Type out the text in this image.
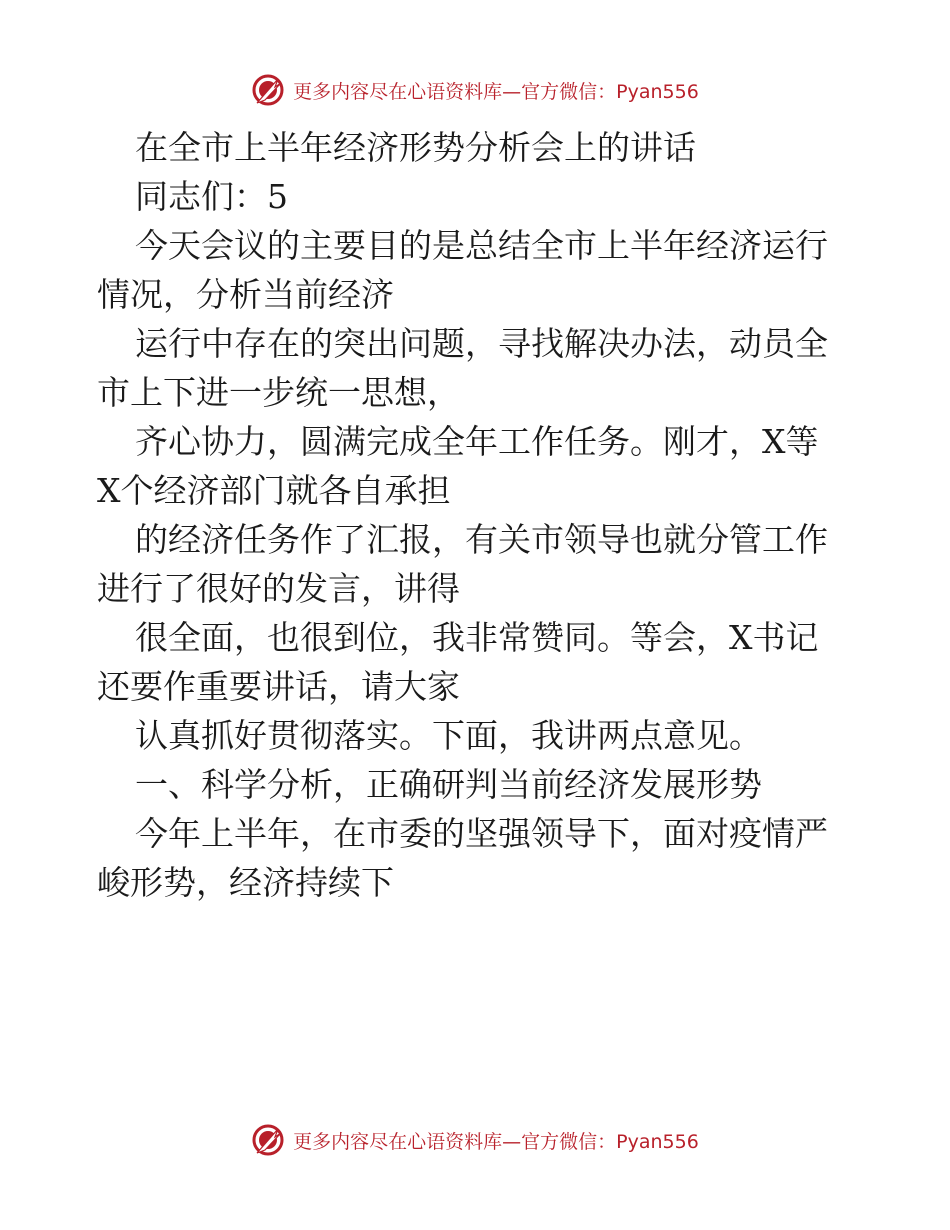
更多内容尽在心语资料库—官方微信：Pyan556
在全市上半年经济形势分析会上的讲话
同志们：5
今天会议的主要目的是总结全市上半年经济运行
情况，分析当前经济
运行中存在的突出问题，寻找解决办法，动员全
市上下进一步统一思想，
齐心协力，圆满完成全年工作任务。刚才，X等
X个经济部门就各自承担
的经济任务作了汇报，有关市领导也就分管工作
进行了很好的发言，讲得
很全面，也很到位，我非常赞同。等会，X书记
还要作重要讲话，请大家
认真抓好贯彻落实。下面，我讲两点意见。
一、科学分析，正确研判当前经济发展形势
今年上半年，在市委的坚强领导下，面对疫情严
峻形势，经济持续下
更多内容尽在心语资料库—官方微信：Pyan556
